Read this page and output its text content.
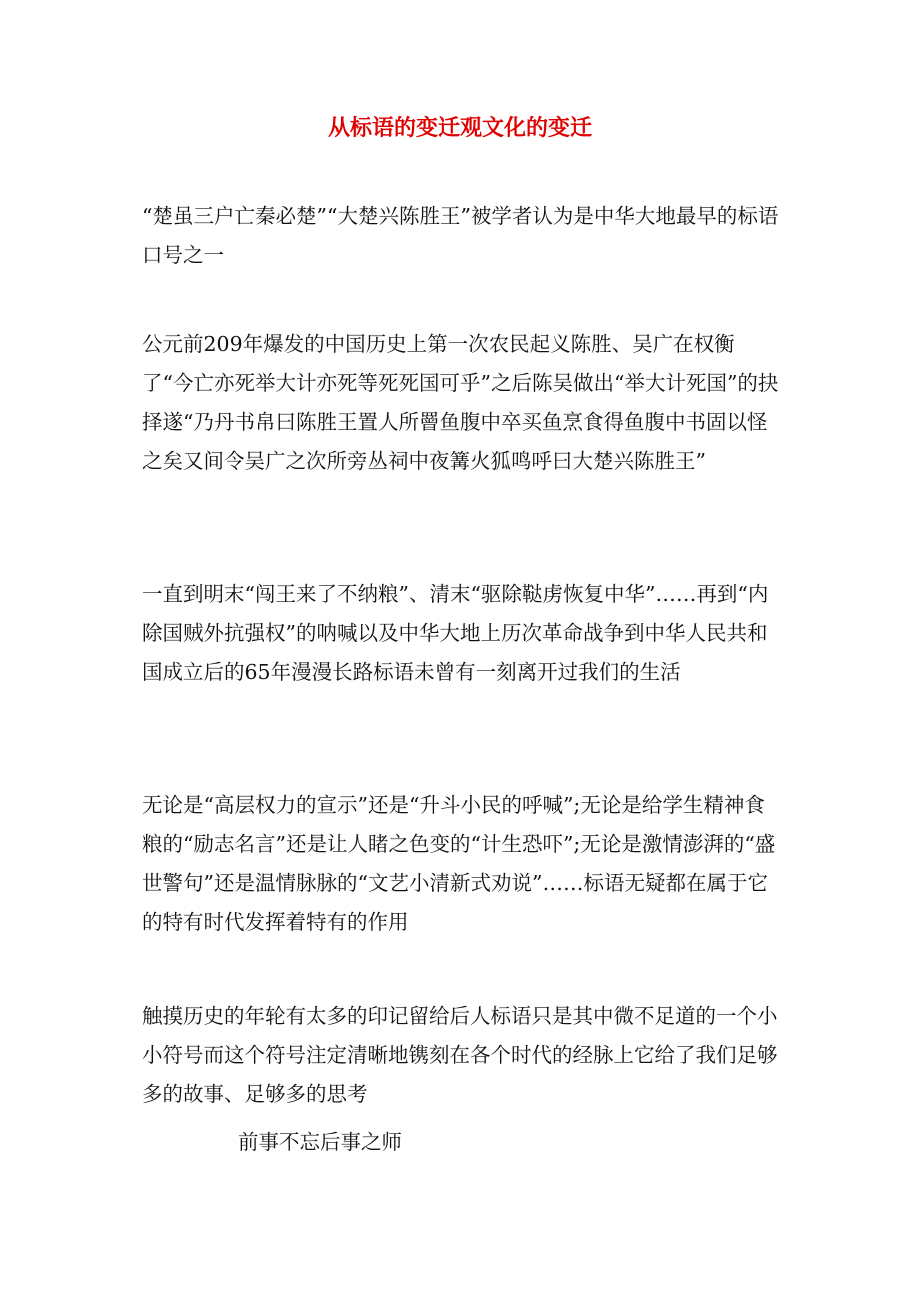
从标语的变迁观文化的变迁

“楚虽三户亡秦必楚”“大楚兴陈胜王”被学者认为是中华大地最早的标语口号之一

公元前209年爆发的中国历史上第一次农民起义陈胜、吴广在权衡了“今亡亦死举大计亦死等死死国可乎”之后陈吴做出“举大计死国”的抉择遂“乃丹书帛曰陈胜王置人所罾鱼腹中卒买鱼烹食得鱼腹中书固以怪之矣又间令吴广之次所旁丛祠中夜篝火狐鸣呼曰大楚兴陈胜王”

一直到明末“闯王来了不纳粮”、清末“驱除鞑虏恢复中华”……再到“内除国贼外抗强权”的呐喊以及中华大地上历次革命战争到中华人民共和国成立后的65年漫漫长路标语未曾有一刻离开过我们的生活

无论是“高层权力的宣示”还是“升斗小民的呼喊”;无论是给学生精神食粮的“励志名言”还是让人睹之色变的“计生恐吓”;无论是激情澎湃的“盛世警句”还是温情脉脉的“文艺小清新式劝说”……标语无疑都在属于它的特有时代发挥着特有的作用

触摸历史的年轮有太多的印记留给后人标语只是其中微不足道的一个小小符号而这个符号注定清晰地镌刻在各个时代的经脉上它给了我们足够多的故事、足够多的思考

前事不忘后事之师
